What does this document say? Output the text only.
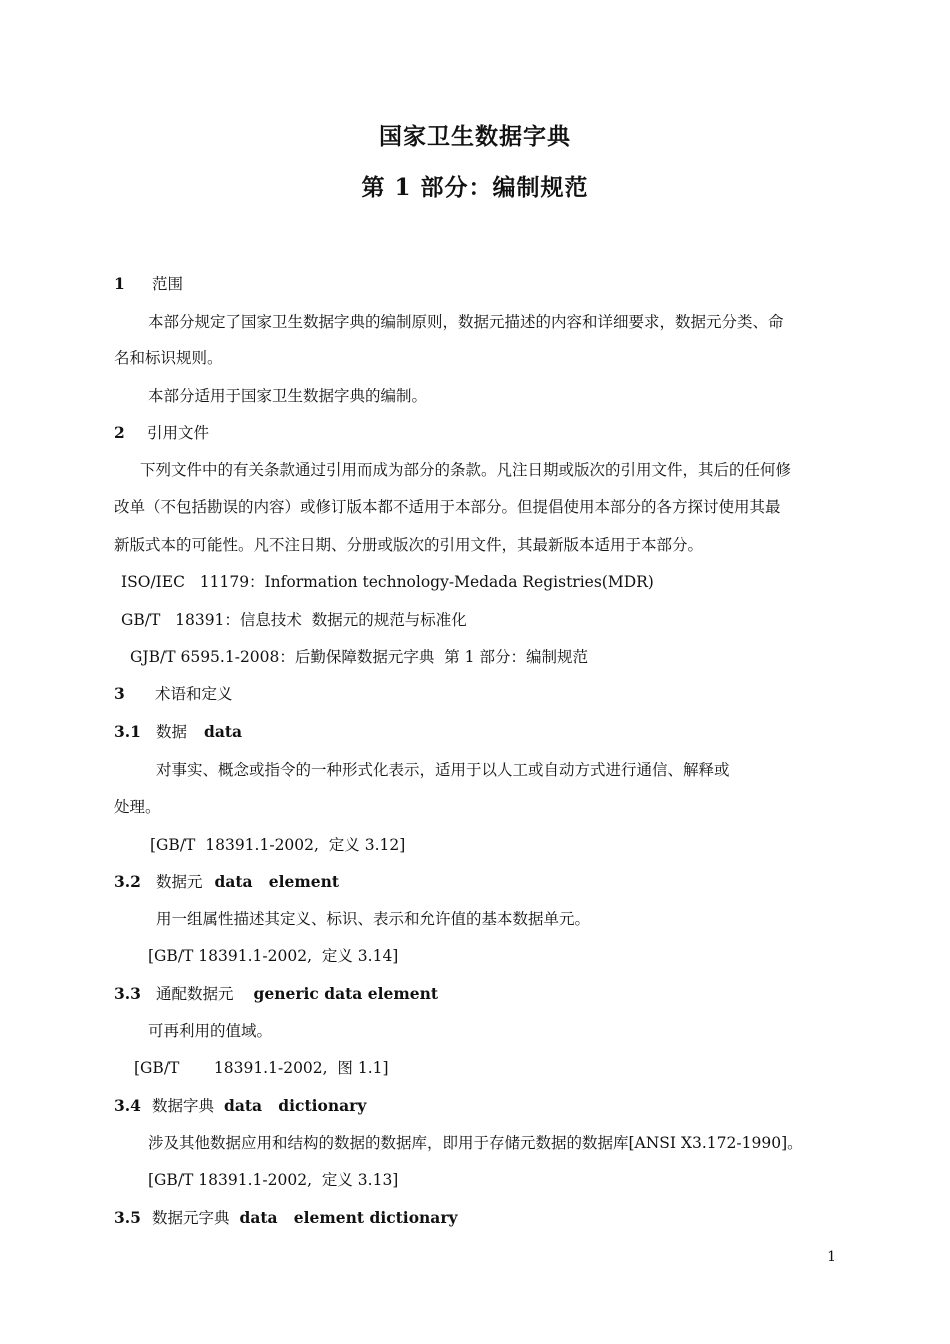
国家卫生数据字典
第 1 部分：编制规范
1 范围
本部分规定了国家卫生数据字典的编制原则，数据元描述的内容和详细要求，数据元分类、命
名和标识规则。
本部分适用于国家卫生数据字典的编制。
2 引用文件
下列文件中的有关条款通过引用而成为部分的条款。凡注日期或版次的引用文件，其后的任何修
改单（不包括勘误的内容）或修订版本都不适用于本部分。但提倡使用本部分的各方探讨使用其最
新版式本的可能性。凡不注日期、分册或版次的引用文件，其最新版本适用于本部分。
ISO/IEC   11179：Information technology-Medada Registries(MDR)
GB/T   18391：信息技术  数据元的规范与标准化
GJB/T 6595.1-2008：后勤保障数据元字典  第 1 部分：编制规范
3 术语和定义
3.1 数据 data
对事实、概念或指令的一种形式化表示，适用于以人工或自动方式进行通信、解释或
处理。
[GB/T  18391.1-2002,  定义 3.12]
3.2 数据元 data   element
用一组属性描述其定义、标识、表示和允许值的基本数据单元。
[GB/T 18391.1-2002,  定义 3.14]
3.3 通配数据元 generic data element
可再利用的值域。
[GB/T       18391.1-2002,  图 1.1]
3.4 数据字典 data   dictionary
涉及其他数据应用和结构的数据的数据库，即用于存储元数据的数据库[ANSI X3.172-1990]。
[GB/T 18391.1-2002,  定义 3.13]
3.5 数据元字典 data   element dictionary
1
